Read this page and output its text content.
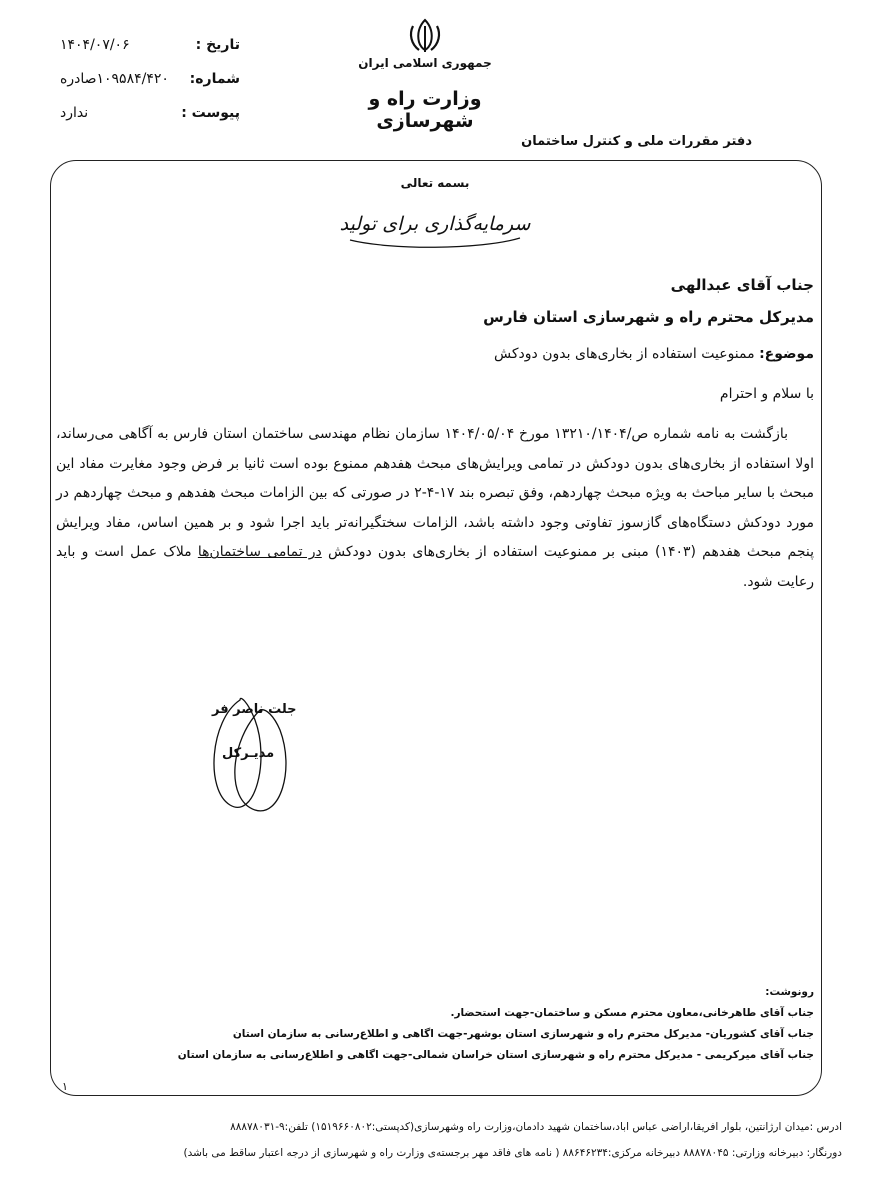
جمهوری اسلامی ایران
وزارت راه و شهرسازی
دفتر مقررات ملی و کنترل ساختمان
تاریخ :
۱۴۰۴/۰۷/۰۶
شماره:
۱۰۹۵۸۴/۴۲۰صادره
پیوست :
ندارد
بسمه تعالی
سرمایه‌گذاری برای تولید
جناب آقای عبدالهی
مدیرکل محترم راه و شهرسازی استان فارس
موضوع: ممنوعیت استفاده از بخاری‌های بدون دودکش
با سلام و احترام
بازگشت به نامه شماره ص/۱۳۲۱۰/۱۴۰۴ مورخ ۱۴۰۴/۰۵/۰۴ سازمان نظام مهندسی ساختمان استان فارس به آگاهی می‌رساند، اولا استفاده از بخاری‌های بدون دودکش در تمامی ویرایش‌های مبحث هفدهم ممنوع بوده است ثانیا بر فرض وجود مغایرت مفاد این مبحث با سایر مباحث به ویژه مبحث چهاردهم، وفق تبصره بند ۱۷-۴-۲ در صورتی که بین الزامات مبحث هفدهم و مبحث چهاردهم در مورد دودکش دستگاه‌های گازسوز تفاوتی وجود داشته باشد، الزامات سختگیرانه‌تر باید اجرا شود و بر همین اساس، مفاد ویرایش پنجم مبحث هفدهم (۱۴۰۳) مبنی بر ممنوعیت استفاده از بخاری‌های بدون دودکش در تمامی ساختمان‌ها ملاک عمل است و باید رعایت شود.
جلت ناصر فر
مدیـرکل
رونوشت:
جناب آقای طاهرخانی،معاون محترم مسکن و ساختمان-جهت استحضار.
جناب آقای کشوریان- مدیرکل محترم راه و شهرسازی استان بوشهر-جهت اگاهی و اطلاع‌رسانی به سازمان استان
جناب آقای میرکریمی - مدیرکل محترم راه و شهرسازی استان خراسان شمالی-جهت اگاهی و اطلاع‌رسانی به سازمان استان
۱
ادرس :میدان ارژانتین، بلوار افریقا،اراضی عباس اباد،ساختمان شهید دادمان،وزارت راه وشهرسازی(کدپستی:۱۵۱۹۶۶۰۸۰۲) تلفن:۹-۸۸۸۷۸۰۳۱
دورنگار: دبیرخانه وزارتی: ۸۸۸۷۸۰۴۵ دبیرخانه مرکزی:۸۸۶۴۶۲۳۴ ( نامه های فاقد مهر برجسته‌ی وزارت راه و شهرسازی از درجه اعتبار ساقط می باشد)
